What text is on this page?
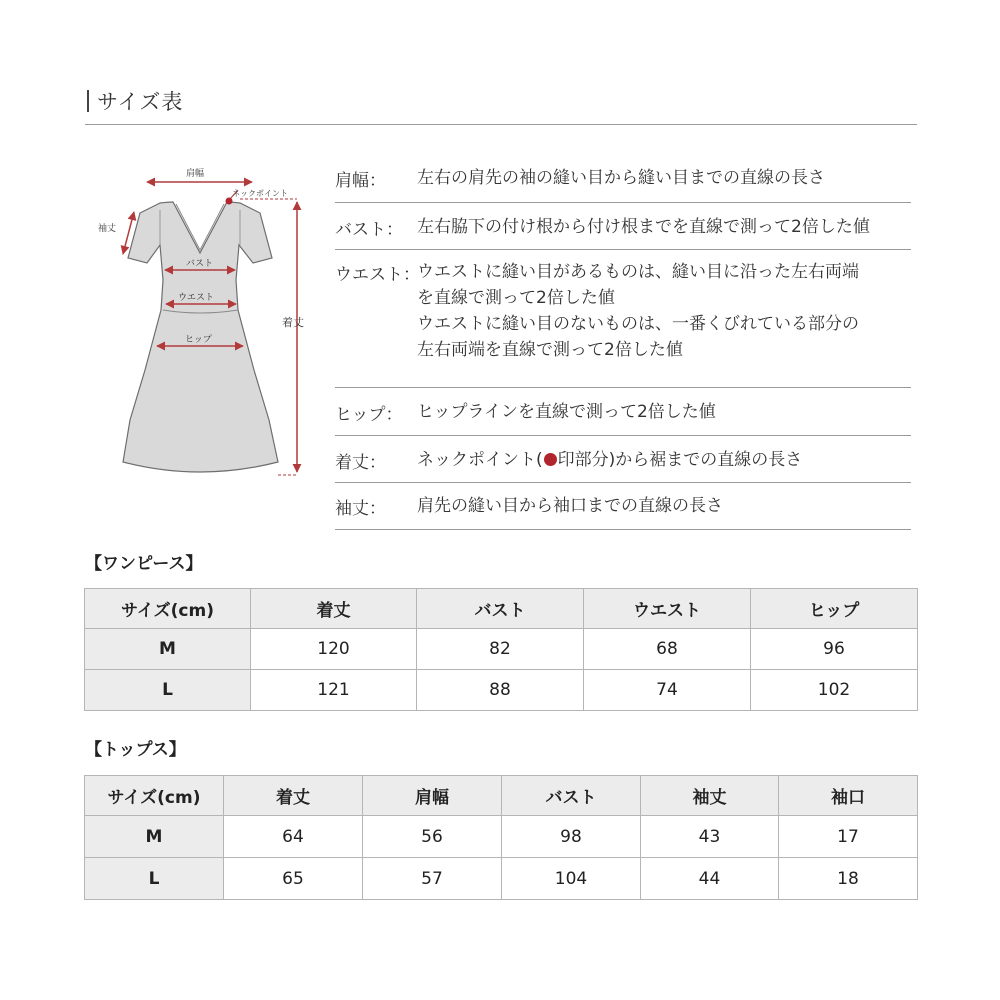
サイズ表
肩幅
ネックポイント
袖丈
バスト
ウエスト
ヒップ
着丈
肩幅： 左右の肩先の袖の縫い目から縫い目までの直線の長さ
バスト： 左右脇下の付け根から付け根までを直線で測って2倍した値
ウエスト：
ウエストに縫い目があるものは、縫い目に沿った左右両端
を直線で測って2倍した値
ウエストに縫い目のないものは、一番くびれている部分の
左右両端を直線で測って2倍した値
ヒップ： ヒップラインを直線で測って2倍した値
着丈： ネックポイント( 印部分)から裾までの直線の長さ
袖丈： 肩先の縫い目から袖口までの直線の長さ
【ワンピース】
サイズ(cm)	着丈	バスト	ウエスト	ヒップ
M	120	82	68	96
L	121	88	74	102
【トップス】
サイズ(cm)	着丈	肩幅	バスト	袖丈	袖口
M	64	56	98	43	17
L	65	57	104	44	18
